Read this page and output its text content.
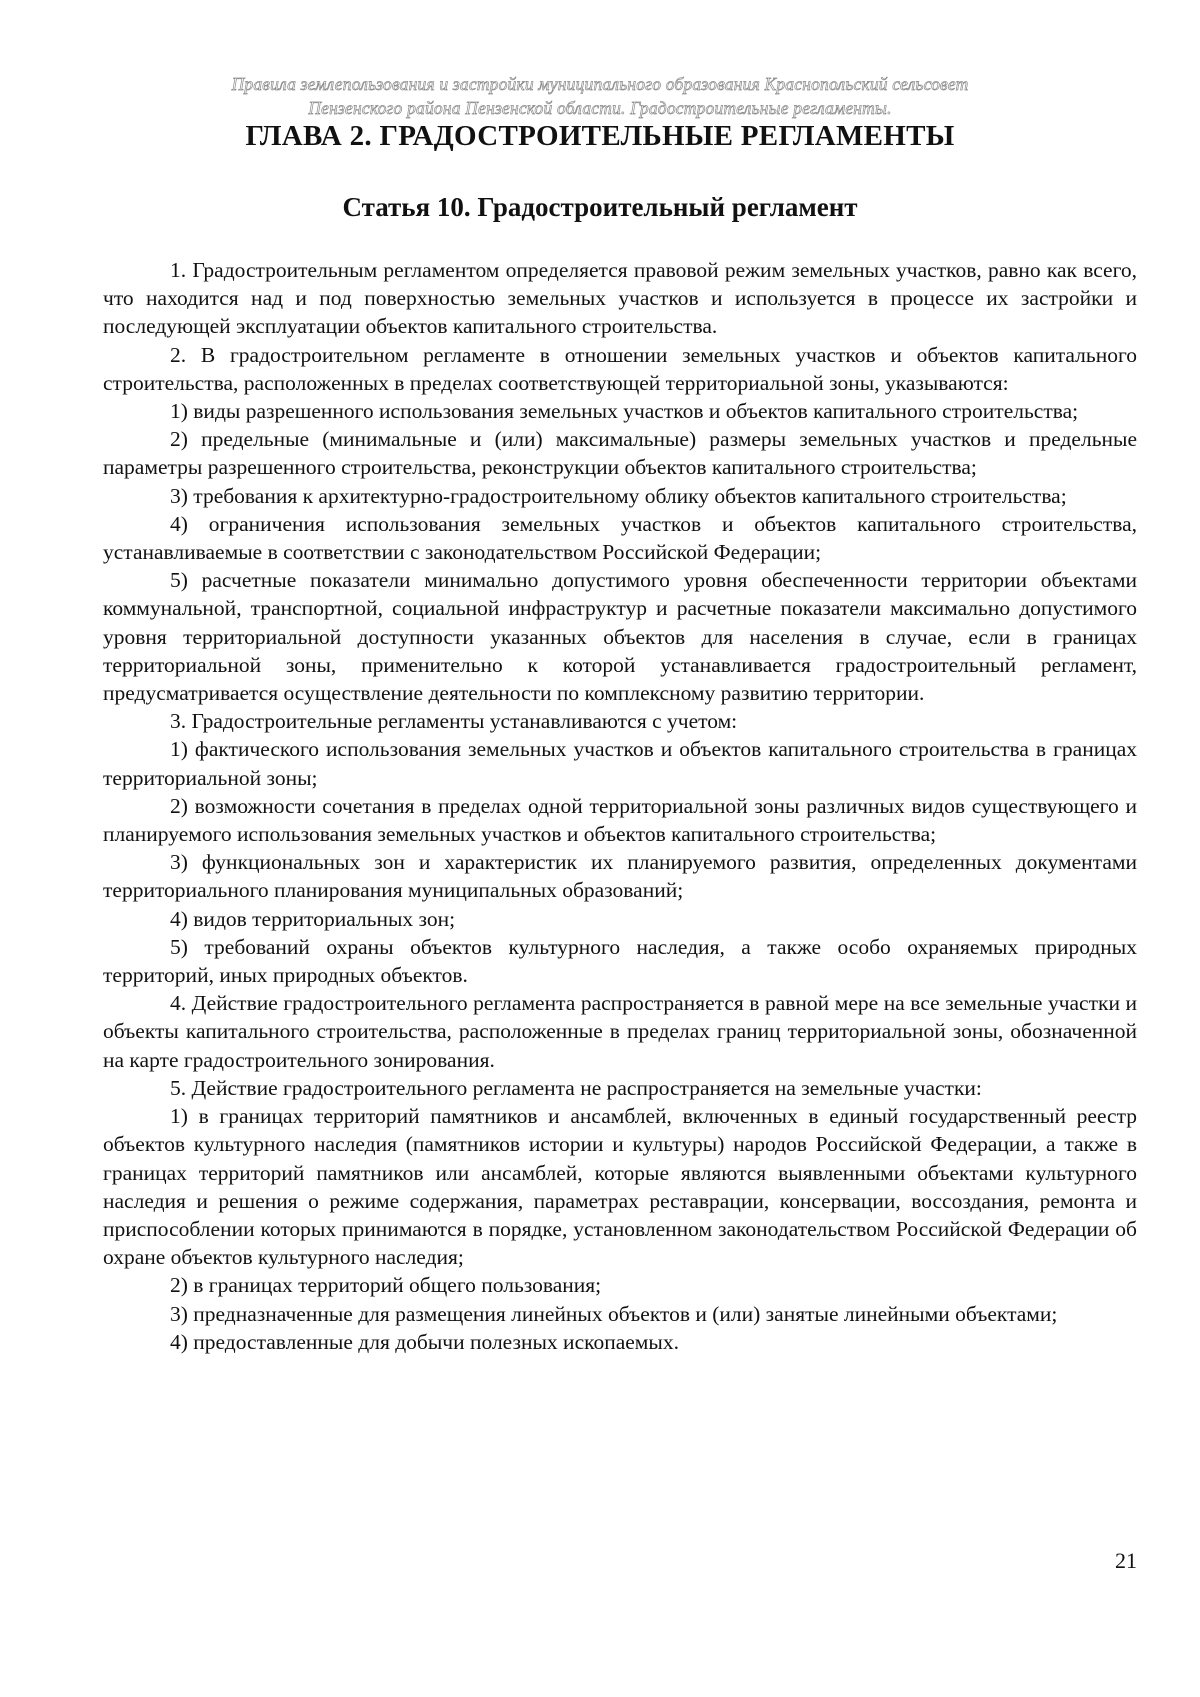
Правила землепользования и застройки муниципального образования Краснопольский сельсовет
Пензенского района Пензенской области. Градостроительные регламенты.
ГЛАВА 2. ГРАДОСТРОИТЕЛЬНЫЕ РЕГЛАМЕНТЫ
Статья 10. Градостроительный регламент

1. Градостроительным регламентом определяется правовой режим земельных участков, равно как всего, что находится над и под поверхностью земельных участков и используется в процессе их застройки и последующей эксплуатации объектов капитального строительства.

2. В градостроительном регламенте в отношении земельных участков и объектов капитального строительства, расположенных в пределах соответствующей территориальной зоны, указываются:

1) виды разрешенного использования земельных участков и объектов капитального строительства;

2) предельные (минимальные и (или) максимальные) размеры земельных участков и предельные параметры разрешенного строительства, реконструкции объектов капитального строительства;

3) требования к архитектурно-градостроительному облику объектов капитального строительства;

4) ограничения использования земельных участков и объектов капитального строительства, устанавливаемые в соответствии с законодательством Российской Федерации;

5) расчетные показатели минимально допустимого уровня обеспеченности территории объектами коммунальной, транспортной, социальной инфраструктур и расчетные показатели максимально допустимого уровня территориальной доступности указанных объектов для населения в случае, если в границах территориальной зоны, применительно к которой устанавливается градостроительный регламент, предусматривается осуществление деятельности по комплексному развитию территории.

3. Градостроительные регламенты устанавливаются с учетом:

1) фактического использования земельных участков и объектов капитального строительства в границах территориальной зоны;

2) возможности сочетания в пределах одной территориальной зоны различных видов существующего и планируемого использования земельных участков и объектов капитального строительства;

3) функциональных зон и характеристик их планируемого развития, определенных документами территориального планирования муниципальных образований;

4) видов территориальных зон;

5) требований охраны объектов культурного наследия, а также особо охраняемых природных территорий, иных природных объектов.

4. Действие градостроительного регламента распространяется в равной мере на все земельные участки и объекты капитального строительства, расположенные в пределах границ территориальной зоны, обозначенной на карте градостроительного зонирования.

5. Действие градостроительного регламента не распространяется на земельные участки:

1) в границах территорий памятников и ансамблей, включенных в единый государственный реестр объектов культурного наследия (памятников истории и культуры) народов Российской Федерации, а также в границах территорий памятников или ансамблей, которые являются выявленными объектами культурного наследия и решения о режиме содержания, параметрах реставрации, консервации, воссоздания, ремонта и приспособлении которых принимаются в порядке, установленном законодательством Российской Федерации об охране объектов культурного наследия;

2) в границах территорий общего пользования;

3) предназначенные для размещения линейных объектов и (или) занятые линейными объектами;

4) предоставленные для добычи полезных ископаемых.

21
